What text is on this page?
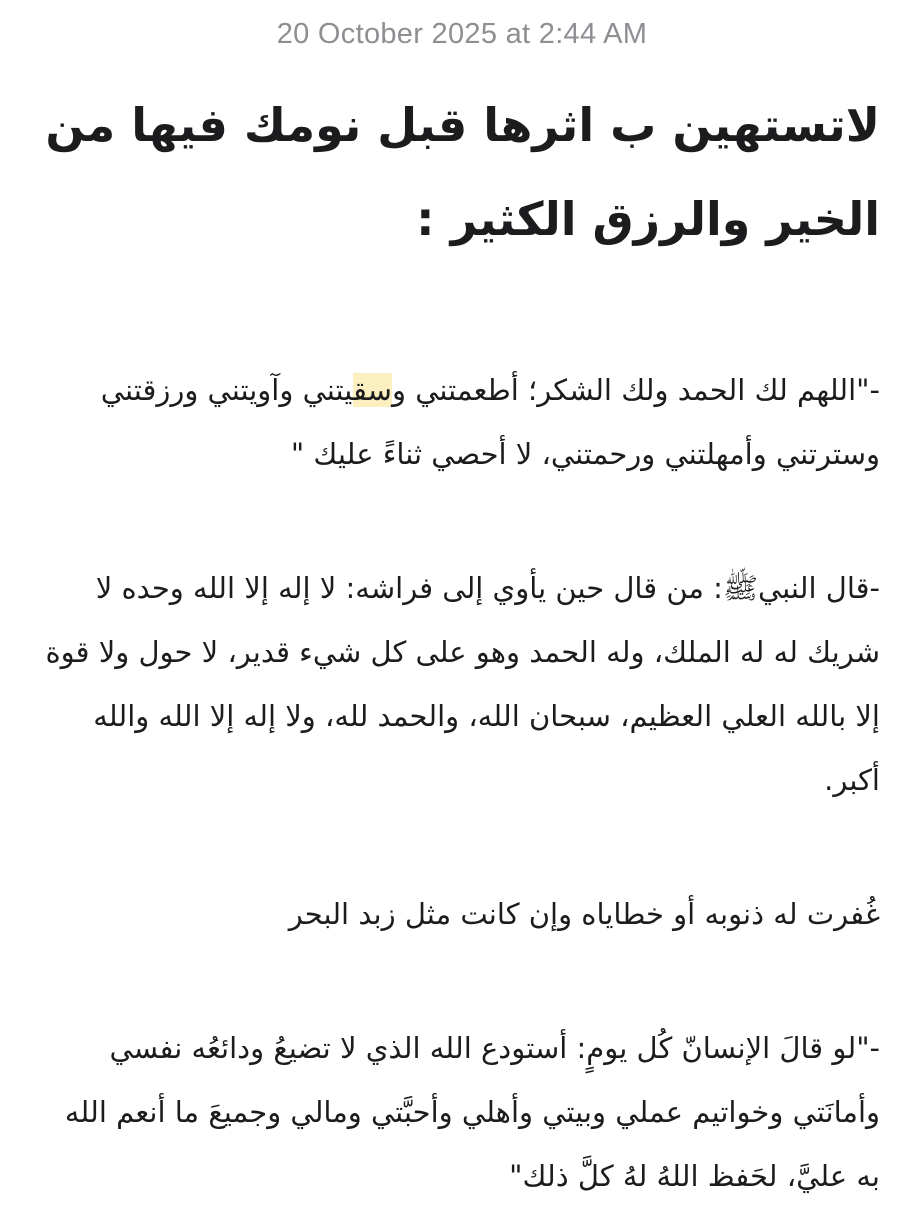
20 October 2025 at 2:44 AM
لاتستهين ب اثرها قبل نومك فيها من الخير والرزق الكثير :

-"اللهم لك الحمد ولك الشكر؛ أطعمتني وسقيتني وآويتني ورزقتني وسترتني وأمهلتني ورحمتني، لا أحصي ثناءً عليك "

-قال النبيﷺ: من قال حين يأوي إلى فراشه: لا إله إلا الله وحده لا شريك له له الملك، وله الحمد وهو على كل شيء قدير، لا حول ولا قوة إلا بالله العلي العظيم، سبحان الله، والحمد لله، ولا إله إلا الله والله أكبر.

غُفرت له ذنوبه أو خطاياه وإن كانت مثل زبد البحر

-"لو قالَ الإنسانّ كُل يومٍ: أستودع الله الذي لا تضيعُ ودائعُه نفسي وأمانَتي وخواتيم عملي وبيتي وأهلي وأحبَّتي ومالي وجميعَ ما أنعم الله به عليَّ، لحَفظ اللهُ لهُ كلَّ ذلك"
